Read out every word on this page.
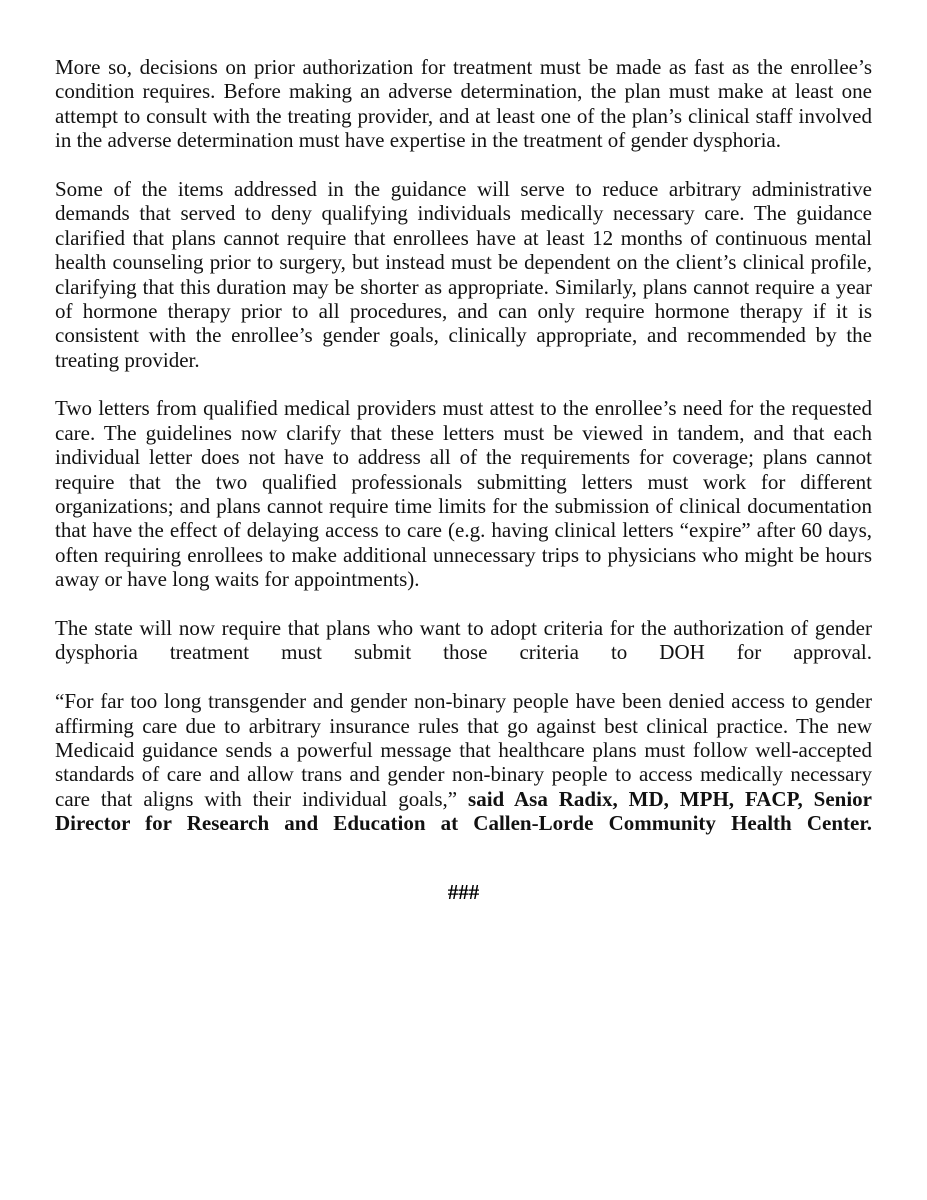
More so, decisions on prior authorization for treatment must be made as fast as the enrollee’s
condition requires. Before making an adverse determination, the plan must make at least one
attempt to consult with the treating provider, and at least one of the plan’s clinical staff involved
in the adverse determination must have expertise in the treatment of gender dysphoria.
Some of the items addressed in the guidance will serve to reduce arbitrary administrative
demands that served to deny qualifying individuals medically necessary care. The guidance
clarified that plans cannot require that enrollees have at least 12 months of continuous mental
health counseling prior to surgery, but instead must be dependent on the client’s clinical profile,
clarifying that this duration may be shorter as appropriate. Similarly, plans cannot require a year
of hormone therapy prior to all procedures, and can only require hormone therapy if it is
consistent with the enrollee’s gender goals, clinically appropriate, and recommended by the
treating provider.
Two letters from qualified medical providers must attest to the enrollee’s need for the requested
care. The guidelines now clarify that these letters must be viewed in tandem, and that each
individual letter does not have to address all of the requirements for coverage; plans cannot
require that the two qualified professionals submitting letters must work for different
organizations; and plans cannot require time limits for the submission of clinical documentation
that have the effect of delaying access to care (e.g. having clinical letters “expire” after 60 days,
often requiring enrollees to make additional unnecessary trips to physicians who might be hours
away or have long waits for appointments).
The state will now require that plans who want to adopt criteria for the authorization of gender
dysphoria treatment must submit those criteria to DOH for approval.
“For far too long transgender and gender non-binary people have been denied access to gender
affirming care due to arbitrary insurance rules that go against best clinical practice. The new
Medicaid guidance sends a powerful message that healthcare plans must follow well-accepted
standards of care and allow trans and gender non-binary people to access medically necessary
care that aligns with their individual goals,” said Asa Radix, MD, MPH, FACP, Senior
Director for Research and Education at Callen-Lorde Community Health Center.
###
